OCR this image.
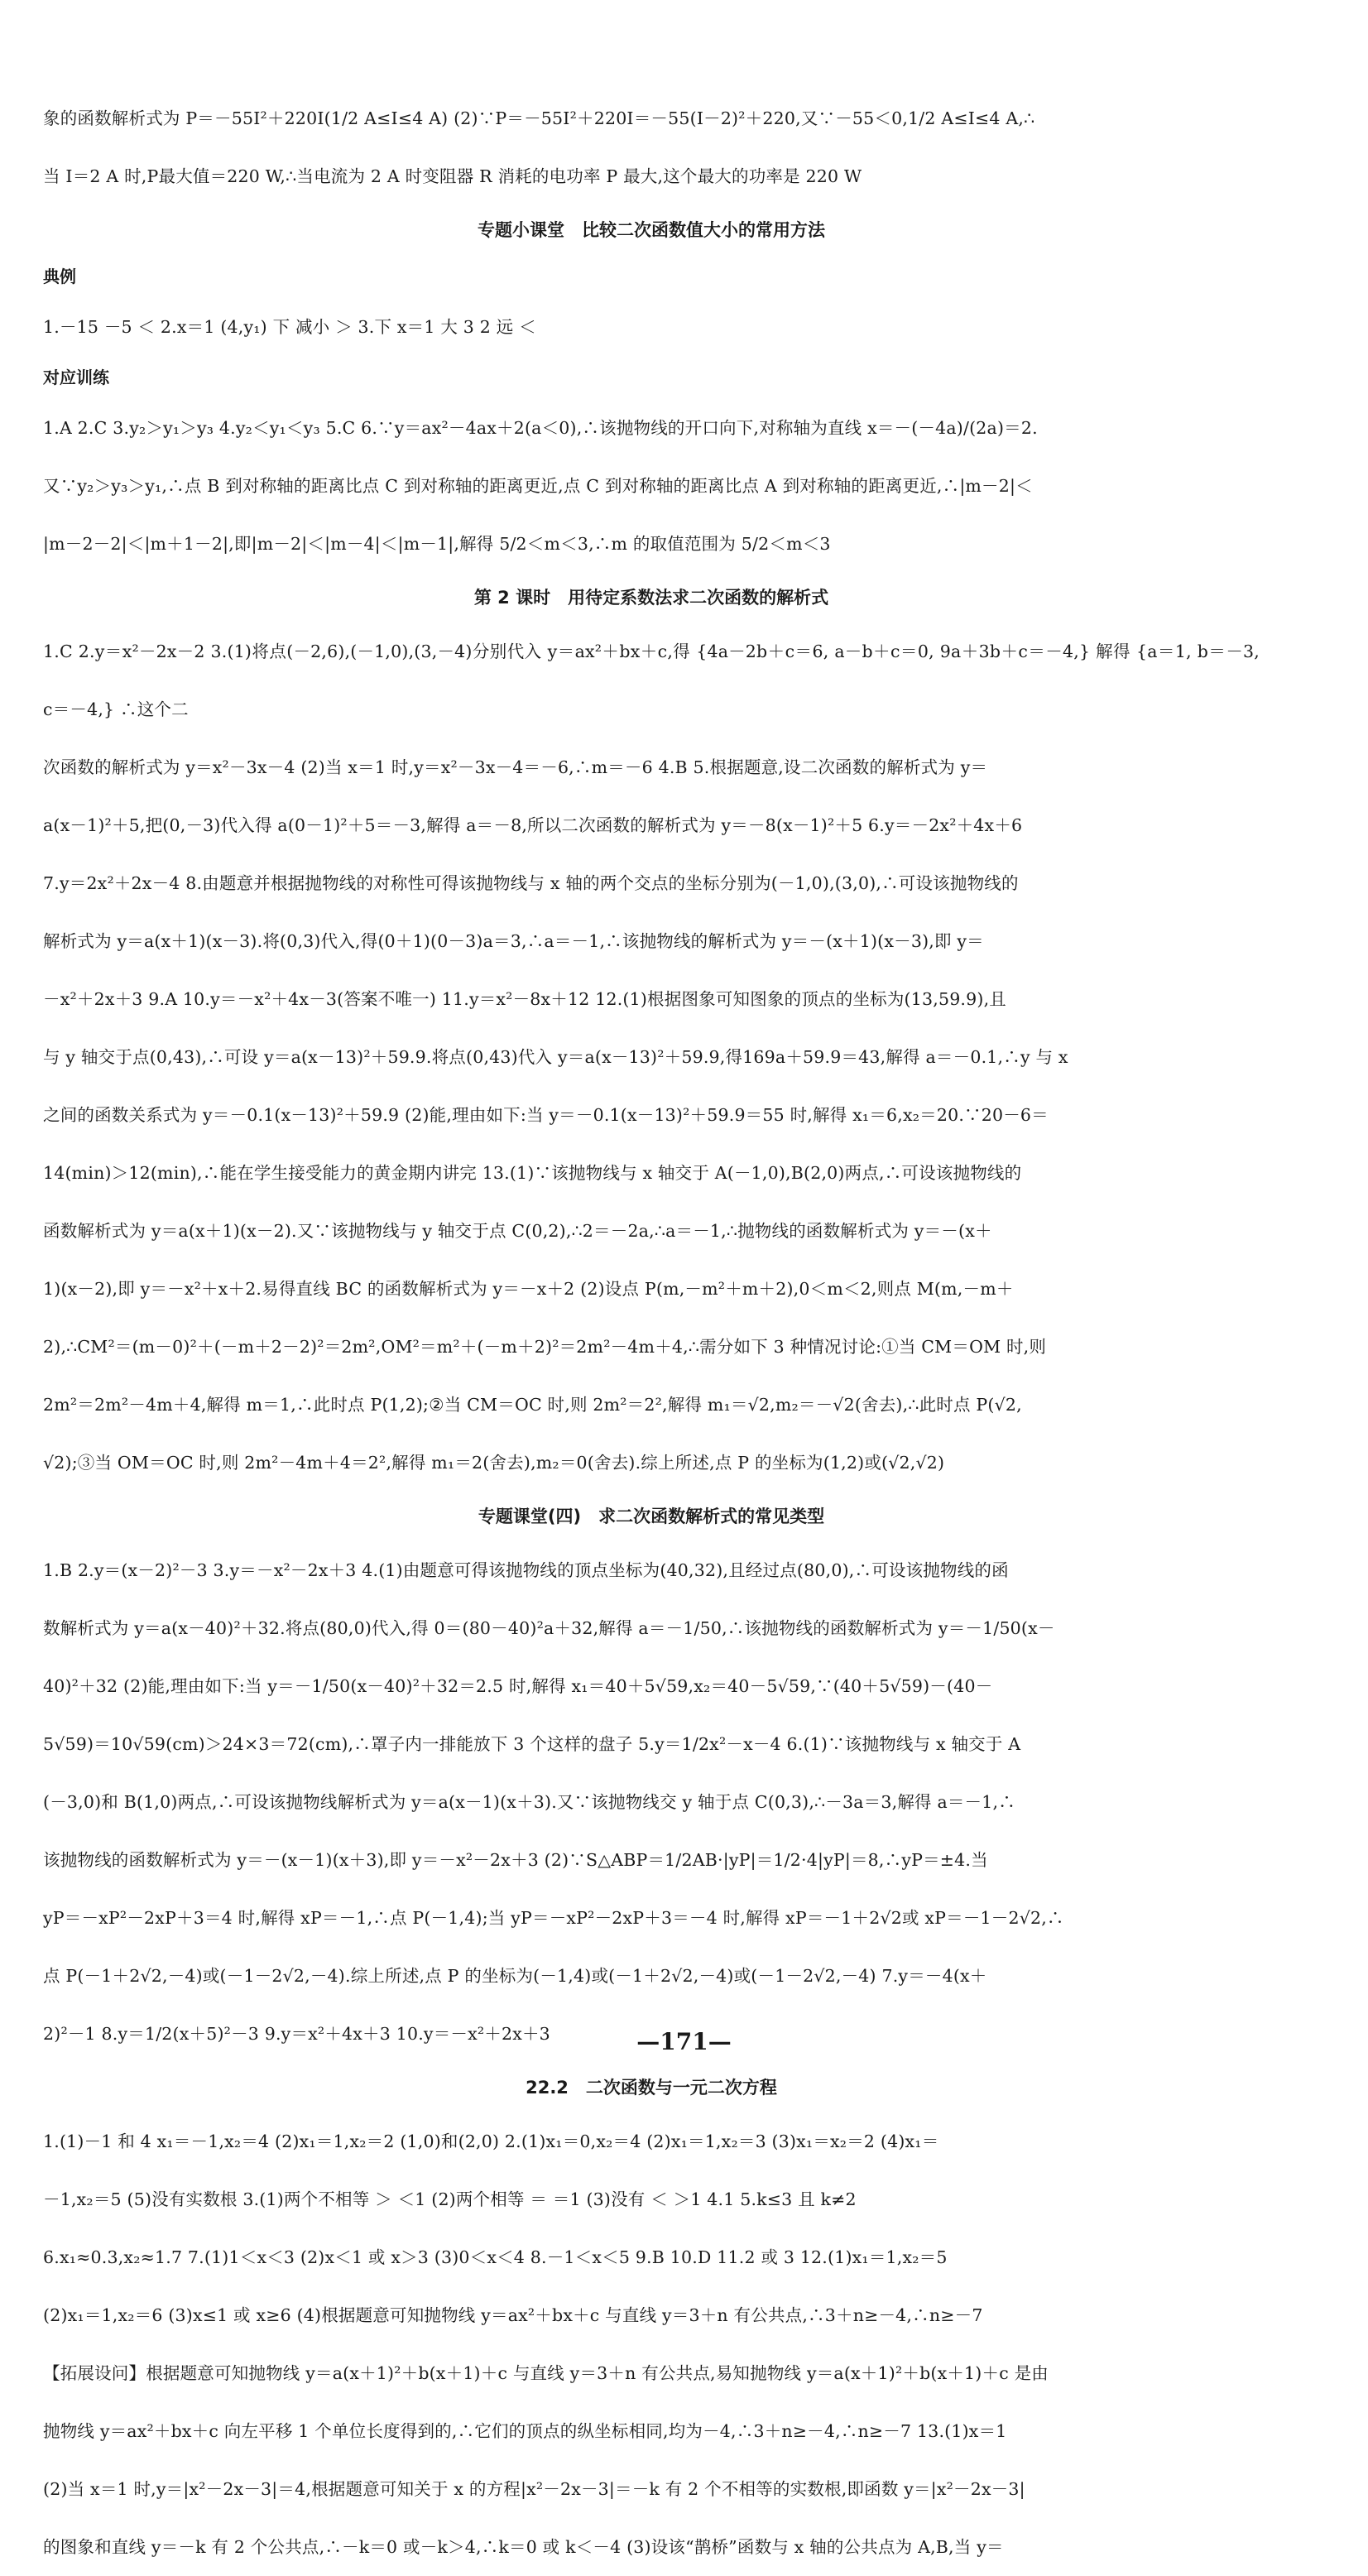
象的函数解析式为 P＝－55I²＋220I(1/2 A≤I≤4 A) (2)∵P＝－55I²＋220I＝－55(I－2)²＋220,又∵－55＜0,1/2 A≤I≤4 A,∴

当 I＝2 A 时,P最大值＝220 W,∴当电流为 2 A 时变阻器 R 消耗的电功率 P 最大,这个最大的功率是 220 W

专题小课堂　比较二次函数值大小的常用方法

典例

1.－15 －5 ＜ 2.x＝1 (4,y₁) 下 减小 ＞ 3.下 x＝1 大 3 2 远 ＜

对应训练

1.A 2.C 3.y₂＞y₁＞y₃ 4.y₂＜y₁＜y₃ 5.C 6.∵y＝ax²－4ax＋2(a＜0),∴该抛物线的开口向下,对称轴为直线 x＝－(－4a)/(2a)＝2.

又∵y₂＞y₃＞y₁,∴点 B 到对称轴的距离比点 C 到对称轴的距离更近,点 C 到对称轴的距离比点 A 到对称轴的距离更近,∴|m－2|＜

|m－2－2|＜|m＋1－2|,即|m－2|＜|m－4|＜|m－1|,解得 5/2＜m＜3,∴m 的取值范围为 5/2＜m＜3

第 2 课时　用待定系数法求二次函数的解析式

1.C 2.y＝x²－2x－2 3.(1)将点(－2,6),(－1,0),(3,－4)分别代入 y＝ax²＋bx＋c,得 {4a－2b＋c＝6, a－b＋c＝0, 9a＋3b＋c＝－4,} 解得 {a＝1, b＝－3, c＝－4,} ∴这个二

次函数的解析式为 y＝x²－3x－4 (2)当 x＝1 时,y＝x²－3x－4＝－6,∴m＝－6 4.B 5.根据题意,设二次函数的解析式为 y＝

a(x－1)²＋5,把(0,－3)代入得 a(0－1)²＋5＝－3,解得 a＝－8,所以二次函数的解析式为 y＝－8(x－1)²＋5 6.y＝－2x²＋4x＋6

7.y＝2x²＋2x－4 8.由题意并根据抛物线的对称性可得该抛物线与 x 轴的两个交点的坐标分别为(－1,0),(3,0),∴可设该抛物线的

解析式为 y＝a(x＋1)(x－3).将(0,3)代入,得(0＋1)(0－3)a＝3,∴a＝－1,∴该抛物线的解析式为 y＝－(x＋1)(x－3),即 y＝

－x²＋2x＋3 9.A 10.y＝－x²＋4x－3(答案不唯一) 11.y＝x²－8x＋12 12.(1)根据图象可知图象的顶点的坐标为(13,59.9),且

与 y 轴交于点(0,43),∴可设 y＝a(x－13)²＋59.9.将点(0,43)代入 y＝a(x－13)²＋59.9,得169a＋59.9＝43,解得 a＝－0.1,∴y 与 x

之间的函数关系式为 y＝－0.1(x－13)²＋59.9 (2)能,理由如下:当 y＝－0.1(x－13)²＋59.9＝55 时,解得 x₁＝6,x₂＝20.∵20－6＝

14(min)＞12(min),∴能在学生接受能力的黄金期内讲完 13.(1)∵该抛物线与 x 轴交于 A(－1,0),B(2,0)两点,∴可设该抛物线的

函数解析式为 y＝a(x＋1)(x－2).又∵该抛物线与 y 轴交于点 C(0,2),∴2＝－2a,∴a＝－1,∴抛物线的函数解析式为 y＝－(x＋

1)(x－2),即 y＝－x²＋x＋2.易得直线 BC 的函数解析式为 y＝－x＋2 (2)设点 P(m,－m²＋m＋2),0＜m＜2,则点 M(m,－m＋

2),∴CM²＝(m－0)²＋(－m＋2－2)²＝2m²,OM²＝m²＋(－m＋2)²＝2m²－4m＋4,∴需分如下 3 种情况讨论:①当 CM＝OM 时,则

2m²＝2m²－4m＋4,解得 m＝1,∴此时点 P(1,2);②当 CM＝OC 时,则 2m²＝2²,解得 m₁＝√2,m₂＝－√2(舍去),∴此时点 P(√2,

√2);③当 OM＝OC 时,则 2m²－4m＋4＝2²,解得 m₁＝2(舍去),m₂＝0(舍去).综上所述,点 P 的坐标为(1,2)或(√2,√2)

专题课堂(四)　求二次函数解析式的常见类型

1.B 2.y＝(x－2)²－3 3.y＝－x²－2x＋3 4.(1)由题意可得该抛物线的顶点坐标为(40,32),且经过点(80,0),∴可设该抛物线的函

数解析式为 y＝a(x－40)²＋32.将点(80,0)代入,得 0＝(80－40)²a＋32,解得 a＝－1/50,∴该抛物线的函数解析式为 y＝－1/50(x－

40)²＋32 (2)能,理由如下:当 y＝－1/50(x－40)²＋32＝2.5 时,解得 x₁＝40＋5√59,x₂＝40－5√59,∵(40＋5√59)－(40－

5√59)＝10√59(cm)＞24×3＝72(cm),∴罩子内一排能放下 3 个这样的盘子 5.y＝1/2x²－x－4 6.(1)∵该抛物线与 x 轴交于 A

(－3,0)和 B(1,0)两点,∴可设该抛物线解析式为 y＝a(x－1)(x＋3).又∵该抛物线交 y 轴于点 C(0,3),∴－3a＝3,解得 a＝－1,∴

该抛物线的函数解析式为 y＝－(x－1)(x＋3),即 y＝－x²－2x＋3 (2)∵S△ABP＝1/2AB·|yP|＝1/2·4|yP|＝8,∴yP＝±4.当

yP＝－xP²－2xP＋3＝4 时,解得 xP＝－1,∴点 P(－1,4);当 yP＝－xP²－2xP＋3＝－4 时,解得 xP＝－1＋2√2或 xP＝－1－2√2,∴

点 P(－1＋2√2,－4)或(－1－2√2,－4).综上所述,点 P 的坐标为(－1,4)或(－1＋2√2,－4)或(－1－2√2,－4) 7.y＝－4(x＋

2)²－1 8.y＝1/2(x＋5)²－3 9.y＝x²＋4x＋3 10.y＝－x²＋2x＋3

22.2　二次函数与一元二次方程

1.(1)－1 和 4 x₁＝－1,x₂＝4 (2)x₁＝1,x₂＝2 (1,0)和(2,0) 2.(1)x₁＝0,x₂＝4 (2)x₁＝1,x₂＝3 (3)x₁＝x₂＝2 (4)x₁＝

－1,x₂＝5 (5)没有实数根 3.(1)两个不相等 ＞ ＜1 (2)两个相等 ＝ ＝1 (3)没有 ＜ ＞1 4.1 5.k≤3 且 k≠2

6.x₁≈0.3,x₂≈1.7 7.(1)1＜x＜3 (2)x＜1 或 x＞3 (3)0＜x＜4 8.－1＜x＜5 9.B 10.D 11.2 或 3 12.(1)x₁＝1,x₂＝5

(2)x₁＝1,x₂＝6 (3)x≤1 或 x≥6 (4)根据题意可知抛物线 y＝ax²＋bx＋c 与直线 y＝3＋n 有公共点,∴3＋n≥－4,∴n≥－7

【拓展设问】根据题意可知抛物线 y＝a(x＋1)²＋b(x＋1)＋c 与直线 y＝3＋n 有公共点,易知抛物线 y＝a(x＋1)²＋b(x＋1)＋c 是由

抛物线 y＝ax²＋bx＋c 向左平移 1 个单位长度得到的,∴它们的顶点的纵坐标相同,均为－4,∴3＋n≥－4,∴n≥－7 13.(1)x＝1

(2)当 x＝1 时,y＝|x²－2x－3|＝4,根据题意可知关于 x 的方程|x²－2x－3|＝－k 有 2 个不相等的实数根,即函数 y＝|x²－2x－3|

的图象和直线 y＝－k 有 2 个公共点,∴－k＝0 或－k＞4,∴k＝0 或 k＜－4 (3)设该“鹊桥”函数与 x 轴的公共点为 A,B,当 y＝

—171—
